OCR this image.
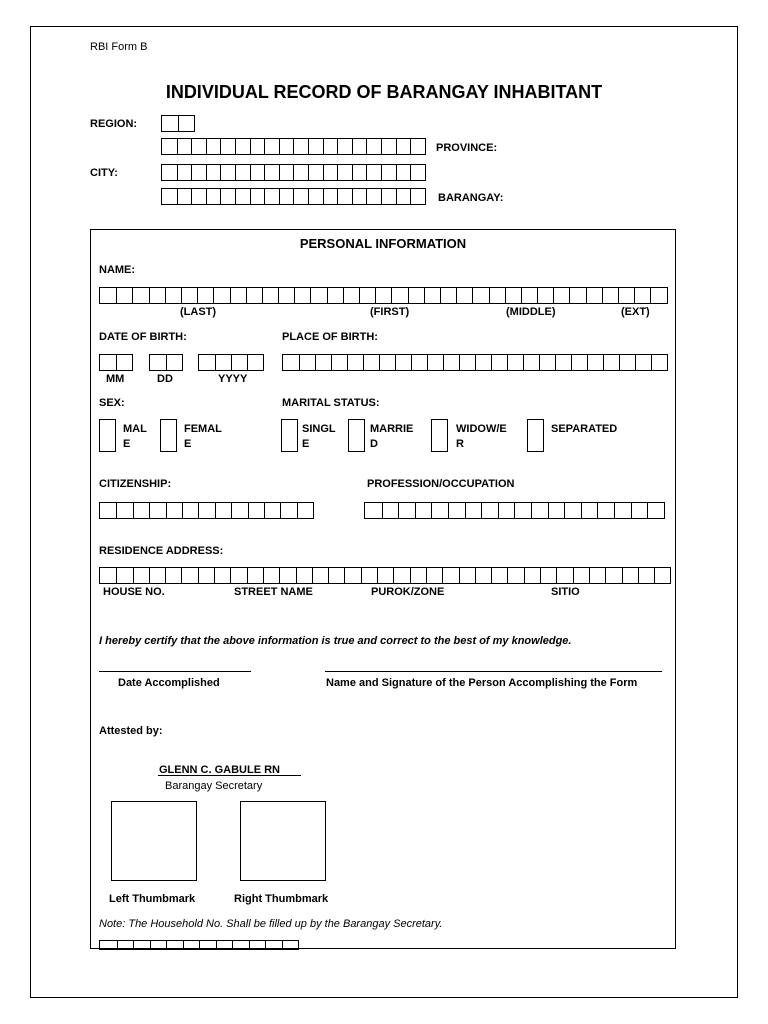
RBI Form B
INDIVIDUAL RECORD OF BARANGAY INHABITANT
REGION:
PROVINCE:
CITY:
BARANGAY:
PERSONAL INFORMATION
NAME:
(LAST)	(FIRST)	(MIDDLE)	(EXT)
DATE OF BIRTH:	PLACE OF BIRTH:
MM	DD	YYYY
SEX:	MARITAL STATUS:
MAL
E
FEMAL
E
SINGL
E
MARRIE
D
WIDOW/E
R
SEPARATED
CITIZENSHIP:	PROFESSION/OCCUPATION
RESIDENCE ADDRESS:
HOUSE NO.	STREET NAME	PUROK/ZONE	SITIO
I hereby certify that the above information is true and correct to the best of my knowledge.
Date Accomplished	Name and Signature of the Person Accomplishing the Form
Attested by:
GLENN C. GABULE RN
Barangay Secretary
Left Thumbmark	Right Thumbmark
Note: The Household No. Shall be filled up by the Barangay Secretary.
